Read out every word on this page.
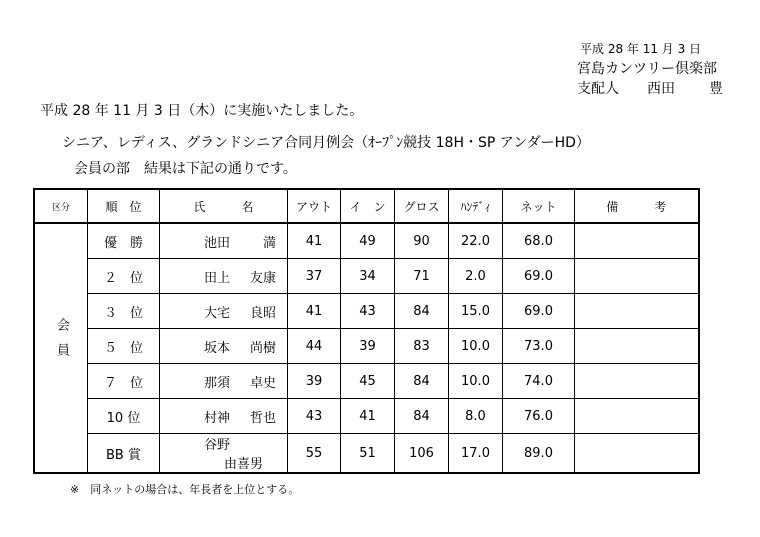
平成 28 年 11 月 3 日
宮島カンツリー倶楽部
支配人 西田 豊
平成 28 年 11 月 3 日（木）に実施いたしました。
シニア、レディス、グランドシニア合同月例会（ｵｰﾌﾟﾝ競技 18H・SP アンダーHD）
会員の部　結果は下記の通りです。
区分	順　位	氏　　　名	アウト	イ　ン	グロス	ﾊﾝﾃﾞｨ	ネット	備　　　考
会員	優　勝	池田　満	41	49	90	22.0	68.0	
	２　位	田上 友康	37	34	71	2.0	69.0	
	３　位	大宅 良昭	41	43	84	15.0	69.0	
	５　位	坂本 尚樹	44	39	83	10.0	73.0	
	７　位	那須 卓史	39	45	84	10.0	74.0	
	10 位	村神 哲也	43	41	84	8.0	76.0	
	BB 賞	谷野由喜男	55	51	106	17.0	89.0	
※　同ネットの場合は、年長者を上位とする。
